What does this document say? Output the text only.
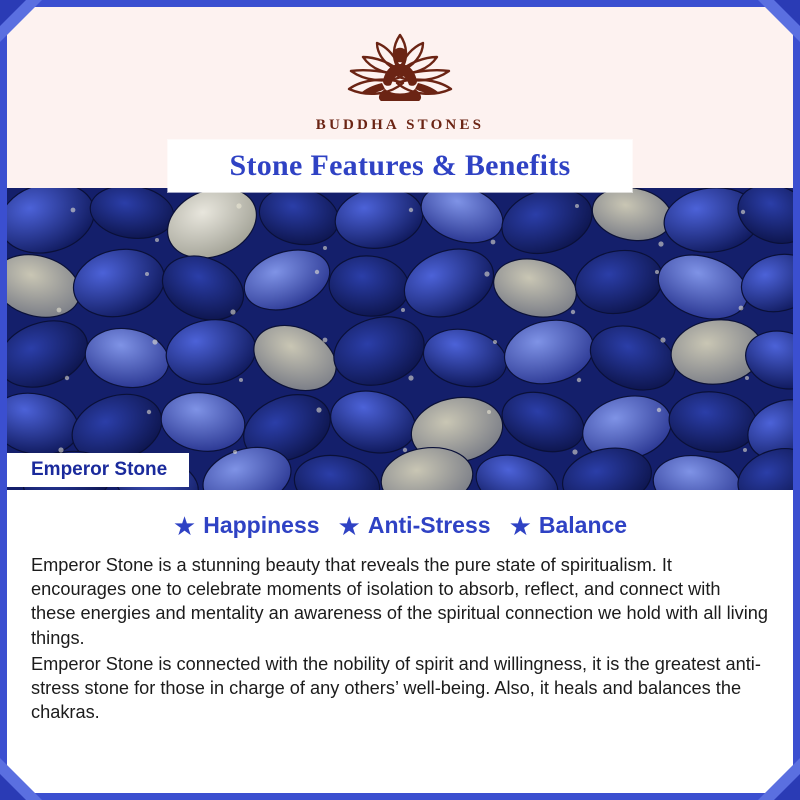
BUDDHA STONES
Stone Features & Benefits
Emperor Stone
★ Happiness ★ Anti-Stress ★ Balance

Emperor Stone is a stunning beauty that reveals the pure state of spiritualism. It encourages one to celebrate moments of isolation to absorb, reflect, and connect with these energies and mentality an awareness of the spiritual connection we hold with all living things.

Emperor Stone is connected with the nobility of spirit and willingness, it is the greatest anti-stress stone for those in charge of any others’ well-being. Also, it heals and balances the chakras.
